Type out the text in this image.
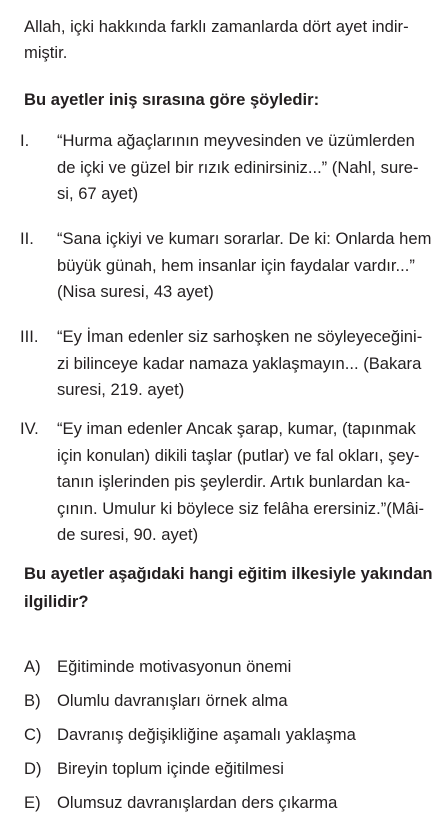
Allah, içki hakkında farklı zamanlarda dört ayet indir-
miştir.

Bu ayetler iniş sırasına göre şöyledir:

I.	“Hurma ağaçlarının meyvesinden ve üzümlerden
de içki ve güzel bir rızık edinirsiniz...” (Nahl, sure-
si, 67 ayet)
II.	“Sana içkiyi ve kumarı sorarlar. De ki: Onlarda hem
büyük günah, hem insanlar için faydalar vardır...”
(Nisa suresi, 43 ayet)
III.	“Ey İman edenler siz sarhoşken ne söyleyeceğini-
zi bilinceye kadar namaza yaklaşmayın... (Bakara
suresi, 219. ayet)
IV.	“Ey iman edenler Ancak şarap, kumar, (tapınmak
için konulan) dikili taşlar (putlar) ve fal okları, şey-
tanın işlerinden pis şeylerdir. Artık bunlardan ka-
çının. Umulur ki böylece siz felâha erersiniz.”(Mâi-
de suresi, 90. ayet)

Bu ayetler aşağıdaki hangi eğitim ilkesiyle yakından
ilgilidir?

A) Eğitiminde motivasyonun önemi
B) Olumlu davranışları örnek alma
C) Davranış değişikliğine aşamalı yaklaşma
D) Bireyin toplum içinde eğitilmesi
E) Olumsuz davranışlardan ders çıkarma
